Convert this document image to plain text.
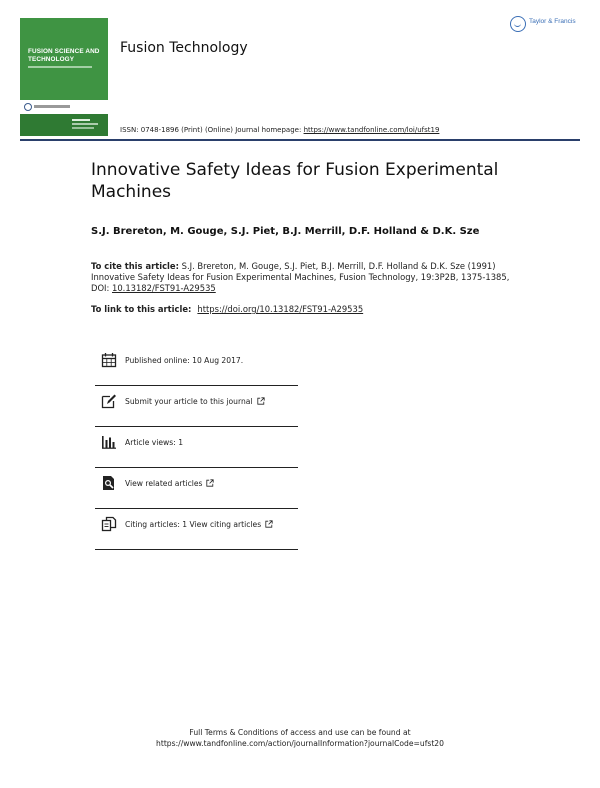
FUSION SCIENCE AND TECHNOLOGY
Fusion Technology
Taylor & Francis
ISSN: 0748-1896 (Print) (Online) Journal homepage: https://www.tandfonline.com/loi/ufst19
Innovative Safety Ideas for Fusion Experimental Machines
S.J. Brereton, M. Gouge, S.J. Piet, B.J. Merrill, D.F. Holland & D.K. Sze
To cite this article: S.J. Brereton, M. Gouge, S.J. Piet, B.J. Merrill, D.F. Holland & D.K. Sze (1991) Innovative Safety Ideas for Fusion Experimental Machines, Fusion Technology, 19:3P2B, 1375-1385, DOI: 10.13182/FST91-A29535
To link to this article: https://doi.org/10.13182/FST91-A29535
Published online: 10 Aug 2017.
Submit your article to this journal
Article views: 1
View related articles
Citing articles: 1 View citing articles
Full Terms & Conditions of access and use can be found at
https://www.tandfonline.com/action/journalInformation?journalCode=ufst20
